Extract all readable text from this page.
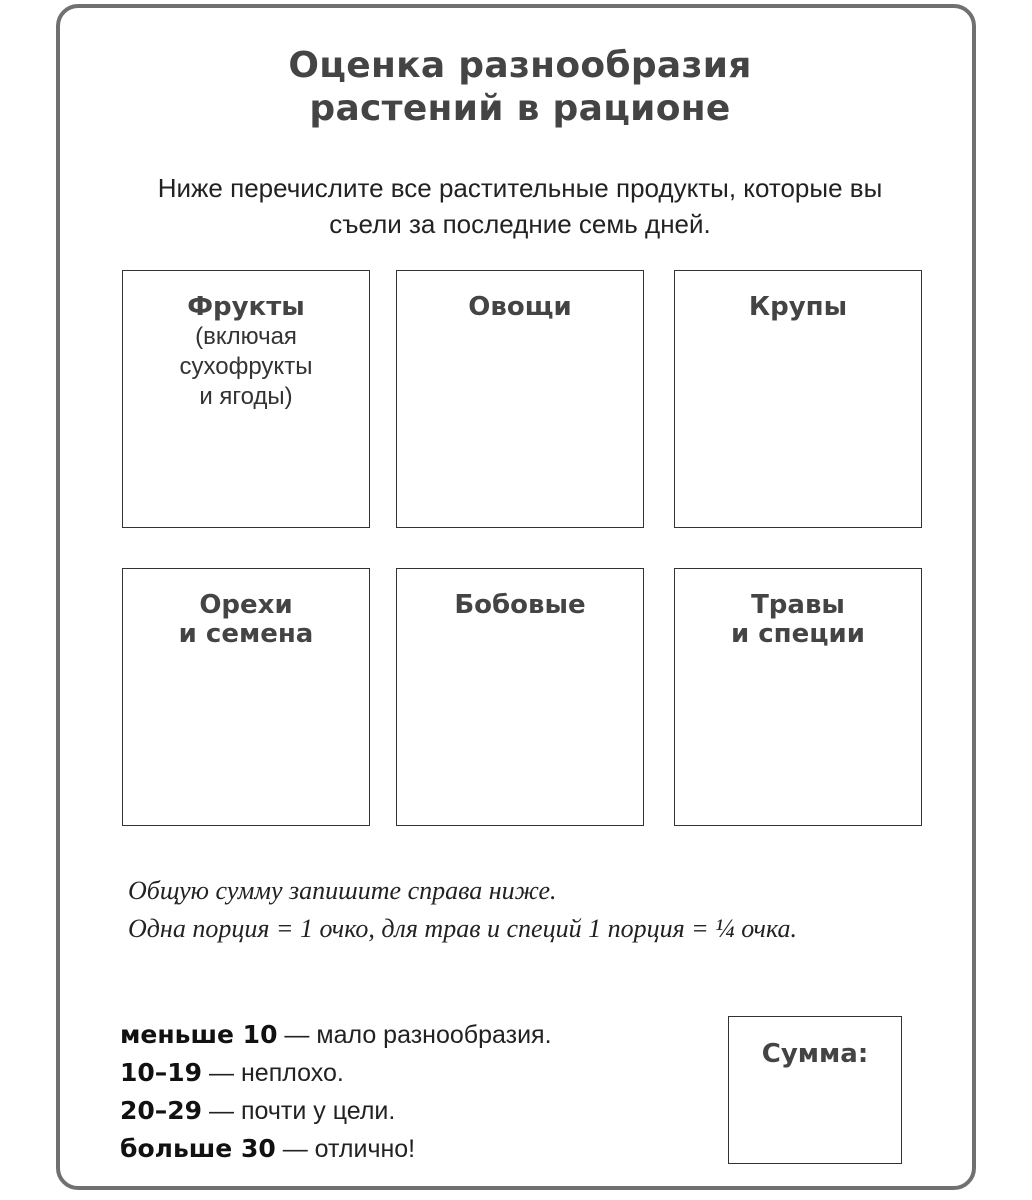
Оценка разнообразия
растений в рационе
Ниже перечислите все растительные продукты, которые вы
съели за последние семь дней.
Фрукты
(включая
сухофрукты
и ягоды)
Овощи	Крупы
Орехи
и семена
Бобовые	Травы
и специи
Общую сумму запишите справа ниже.
Одна порция = 1 очко, для трав и специй 1 порция = ¼ очка.
меньше 10 — мало разнообразия.
10–19 — неплохо.
20–29 — почти у цели.
больше 30 — отлично!
Сумма:
